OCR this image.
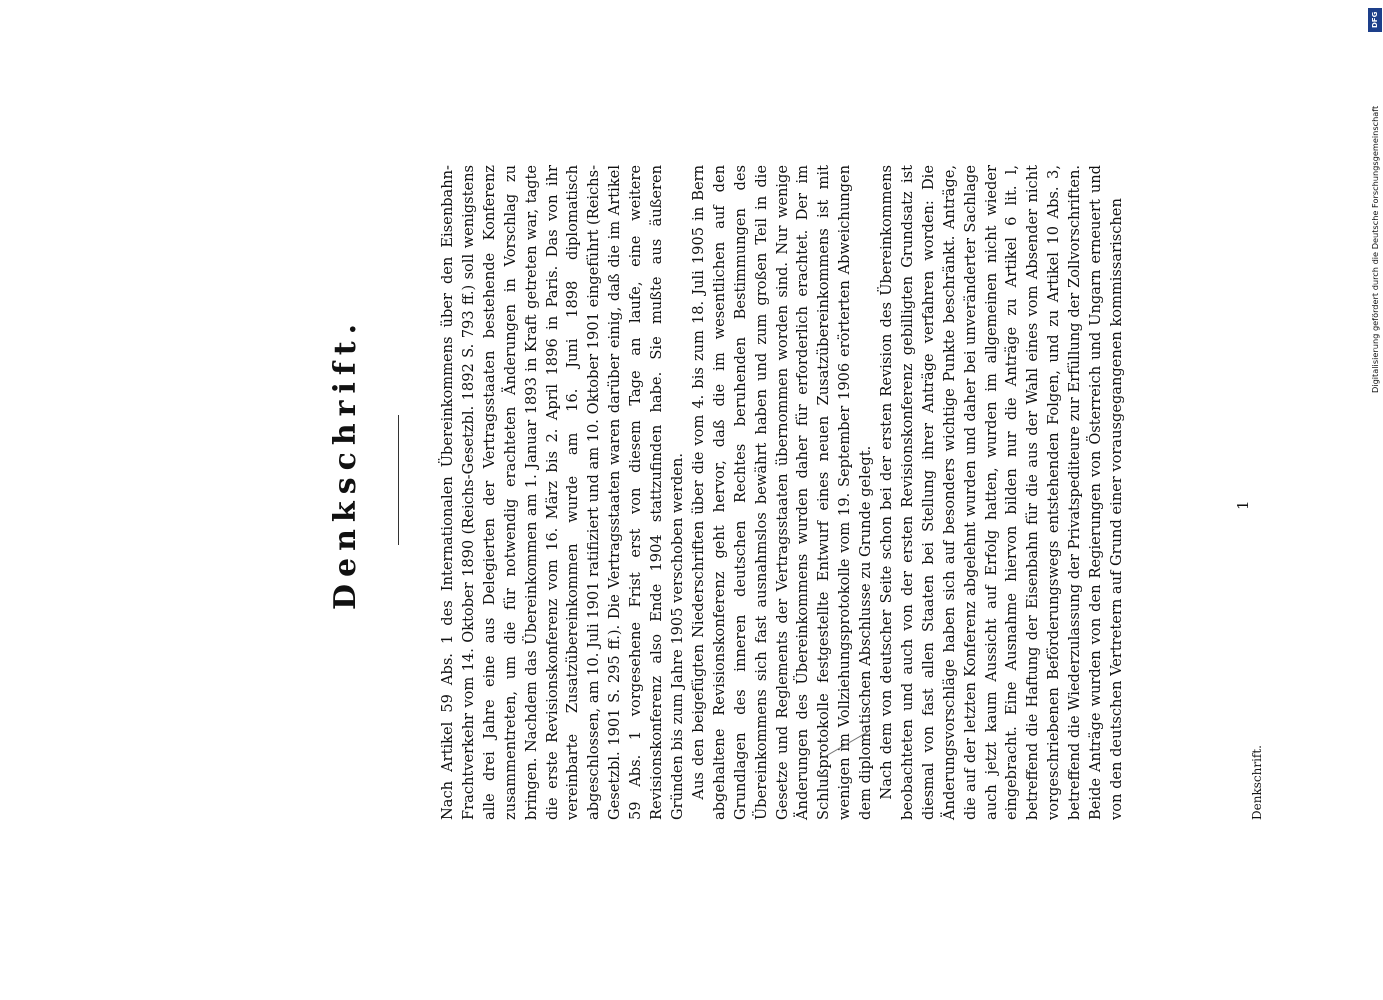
Denkschrift.	Nach Artikel 59 Abs. 1 des Internationalen Übereinkommens über den Eisenbahn-Frachtverkehr vom 14. Oktober 1890 (Reichs-Gesetzbl. 1892 S. 793 ff.) soll wenigstens alle drei Jahre eine aus Delegierten der Vertragsstaaten bestehende Konferenz zusammentreten, um die für notwendig erachteten Änderungen in Vorschlag zu bringen. Nachdem das Übereinkommen am 1. Januar 1893 in Kraft getreten war, tagte die erste Revisionskonferenz vom 16. März bis 2. April 1896 in Paris. Das von ihr vereinbarte Zusatzübereinkommen wurde am 16. Juni 1898 diplomatisch abgeschlossen, am 10. Juli 1901 ratifiziert und am 10. Oktober 1901 eingeführt (Reichs-Gesetzbl. 1901 S. 295 ff.). Die Vertragsstaaten waren darüber einig, daß die im Artikel 59 Abs. 1 vorgesehene Frist erst von diesem Tage an laufe, eine weitere Revisionskonferenz also Ende 1904 stattzufinden habe. Sie mußte aus äußeren Gründen bis zum Jahre 1905 verschoben werden. Aus den beigefügten Niederschriften über die vom 4. bis zum 18. Juli 1905 in Bern abgehaltene Revisionskonferenz geht hervor, daß die im wesentlichen auf den Grundlagen des inneren deutschen Rechtes beruhenden Bestimmungen des Übereinkommens sich fast ausnahmslos bewährt haben und zum großen Teil in die Gesetze und Reglements der Vertragsstaaten übernommen worden sind. Nur wenige Änderungen des Übereinkommens wurden daher für erforderlich erachtet. Der im Schlußprotokolle festgestellte Entwurf eines neuen Zusatzübereinkommens ist mit wenigen im Vollziehungsprotokolle vom 19. September 1906 erörterten Abweichungen dem diplomatischen Abschlusse zu Grunde gelegt. Nach dem von deutscher Seite schon bei der ersten Revision des Übereinkommens beobachteten und auch von der ersten Revisionskonferenz gebilligten Grundsatz ist diesmal von fast allen Staaten bei Stellung ihrer Anträge verfahren worden: Die Änderungsvorschläge haben sich auf besonders wichtige Punkte beschränkt. Anträge, die auf der letzten Konferenz abgelehnt wurden und daher bei unveränderter Sachlage auch jetzt kaum Aussicht auf Erfolg hatten, wurden im allgemeinen nicht wieder eingebracht. Eine Ausnahme hiervon bilden nur die Anträge zu Artikel 6 lit. l, betreffend die Haftung der Eisenbahn für die aus der Wahl eines vom Absender nicht vorgeschriebenen Beförderungswegs entstehenden Folgen, und zu Artikel 10 Abs. 3, betreffend die Wiederzulassung der Privatspediteure zur Erfüllung der Zollvorschriften. Beide Anträge wurden von den Regierungen von Österreich und Ungarn erneuert und von den deutschen Vertretern auf Grund einer vorausgegangenen kommissarischen	Denkschrift.
1
DFG
Digitalisierung gefördert durch die Deutsche Forschungsgemeinschaft
